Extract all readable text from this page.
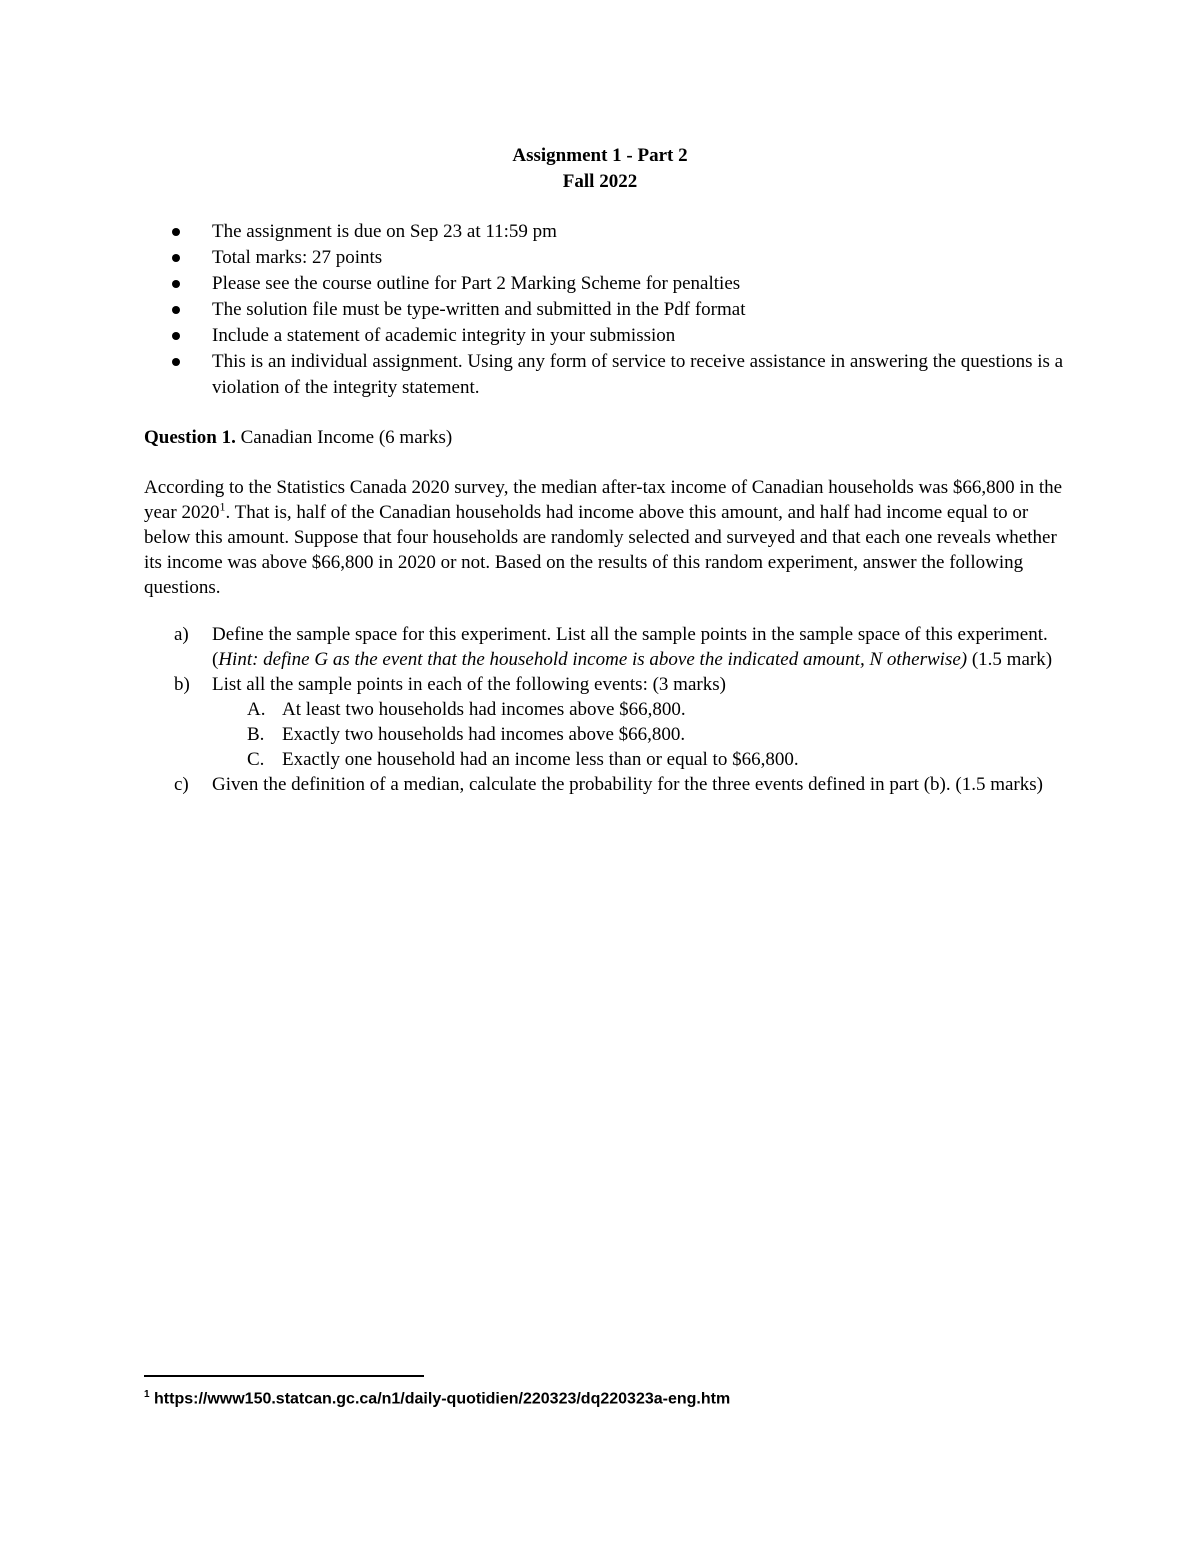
Assignment 1 - Part 2
Fall 2022
The assignment is due on Sep 23 at 11:59 pm
Total marks: 27 points
Please see the course outline for Part 2 Marking Scheme for penalties
The solution file must be type-written and submitted in the Pdf format
Include a statement of academic integrity in your submission
This is an individual assignment. Using any form of service to receive assistance in answering the questions is a violation of the integrity statement.
Question 1. Canadian Income (6 marks)

According to the Statistics Canada 2020 survey, the median after-tax income of Canadian households was $66,800 in the year 2020$^1$. That is, half of the Canadian households had income above this amount, and half had income equal to or below this amount. Suppose that four households are randomly selected and surveyed and that each one reveals whether its income was above $66,800 in 2020 or not. Based on the results of this random experiment, answer the following questions.

a) Define the sample space for this experiment. List all the sample points in the sample space of this experiment. (Hint: define G as the event that the household income is above the indicated amount, N otherwise) (1.5 mark)
b) List all the sample points in each of the following events: (3 marks)
A. At least two households had incomes above $66,800.
B. Exactly two households had incomes above $66,800.
C. Exactly one household had an income less than or equal to $66,800.
c) Given the definition of a median, calculate the probability for the three events defined in part (b). (1.5 marks)
$^1$ https://www150.statcan.gc.ca/n1/daily-quotidien/220323/dq220323a-eng.htm
